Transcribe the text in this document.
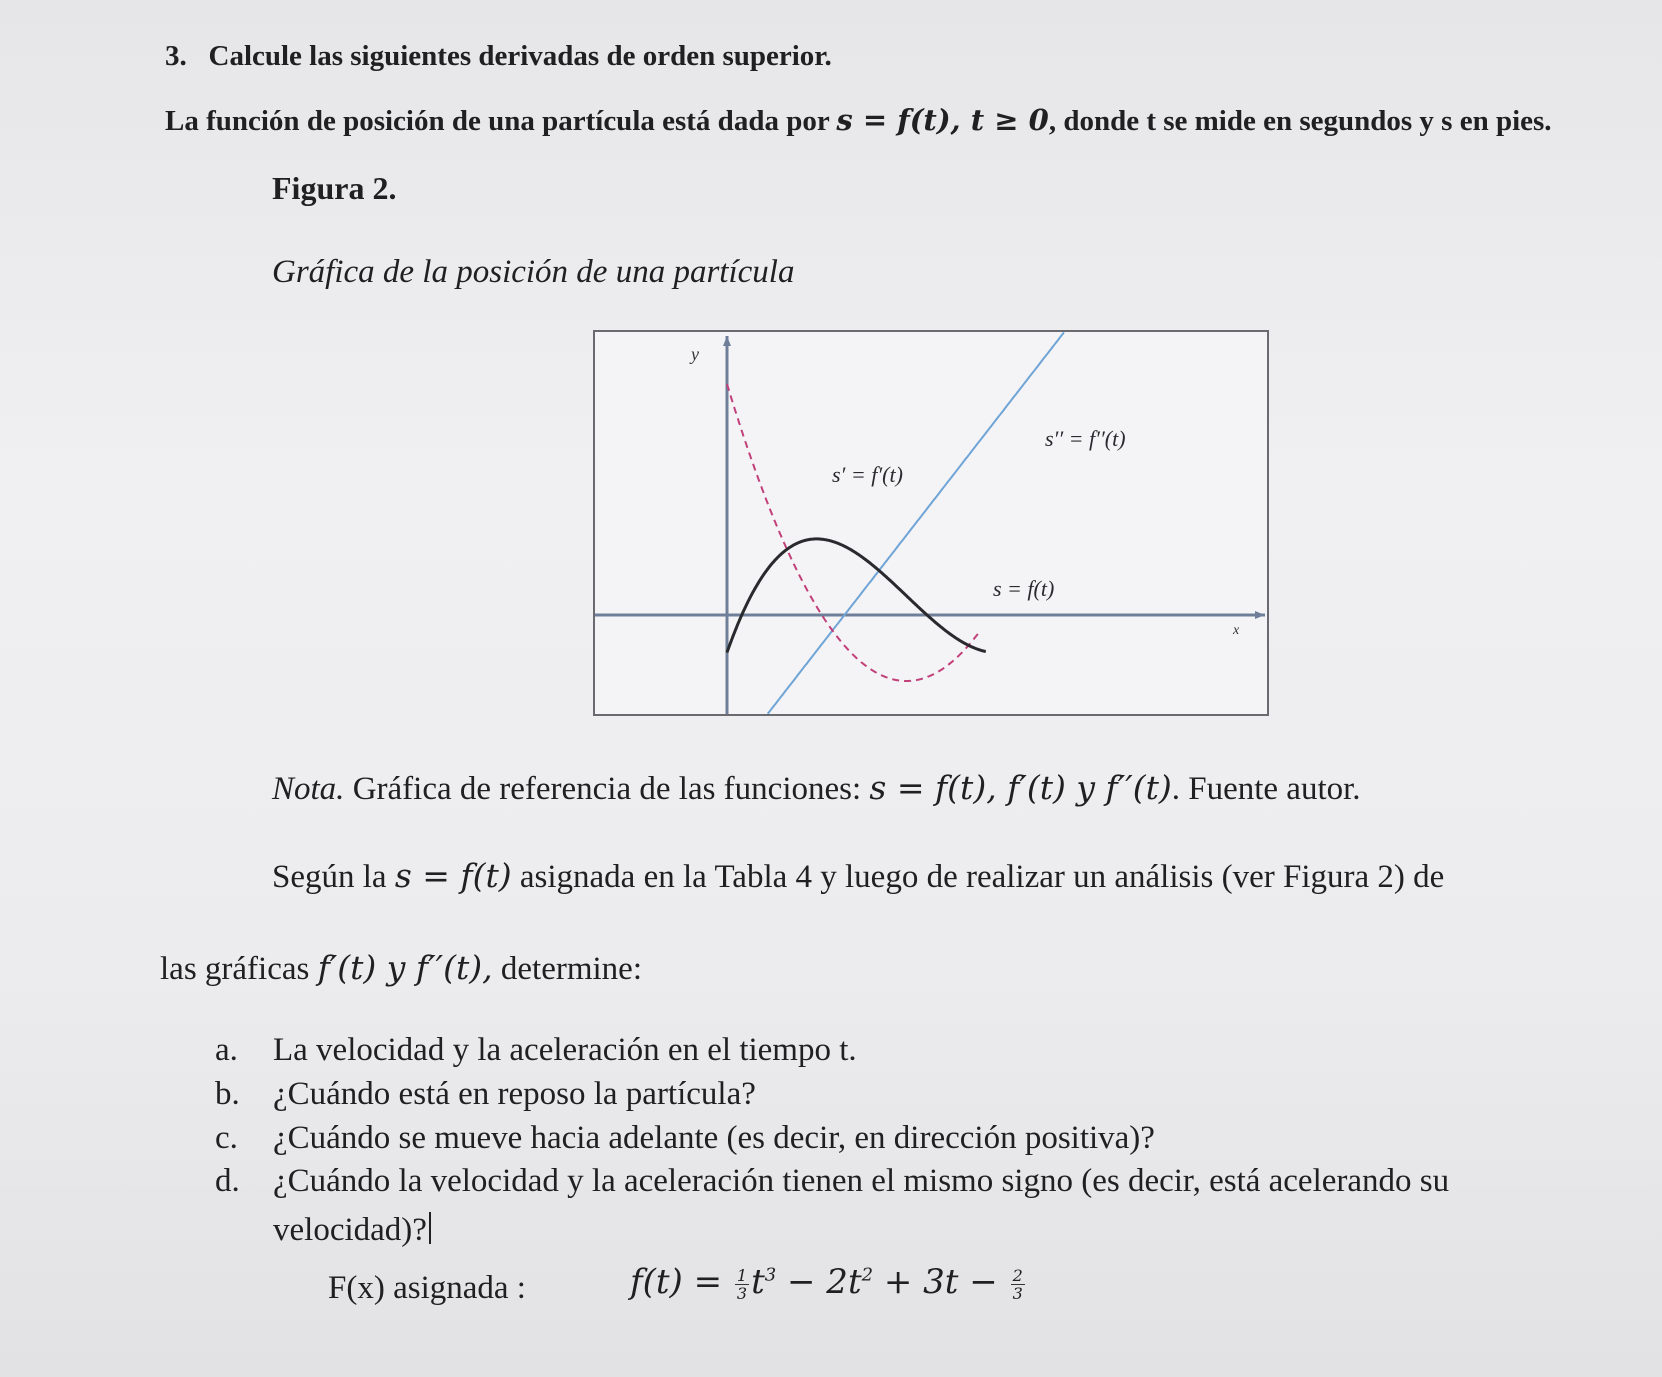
3. Calcule las siguientes derivadas de orden superior.
La función de posición de una partícula está dada por s = f(t), t ≥ 0, donde t se mide en segundos y s en pies.
Figura 2.
Gráfica de la posición de una partícula
y
x
s′ = f′(t)
s′′ = f′′(t)
s = f(t)
Nota. Gráfica de referencia de las funciones: s = f(t), f′(t) y f′′(t). Fuente autor.
Según la s = f(t) asignada en la Tabla 4 y luego de realizar un análisis (ver Figura 2) de
las gráficas f′(t) y f′′(t), determine:
a. La velocidad y la aceleración en el tiempo t.
b. ¿Cuándo está en reposo la partícula?
c. ¿Cuándo se mueve hacia adelante (es decir, en dirección positiva)?
d. ¿Cuándo la velocidad y la aceleración tienen el mismo signo (es decir, está acelerando su
velocidad)?
F(x) asignada :	$f(t) = \frac{1}{3} t^3 - 2t^2 + 3t - \frac{2}{3}$
